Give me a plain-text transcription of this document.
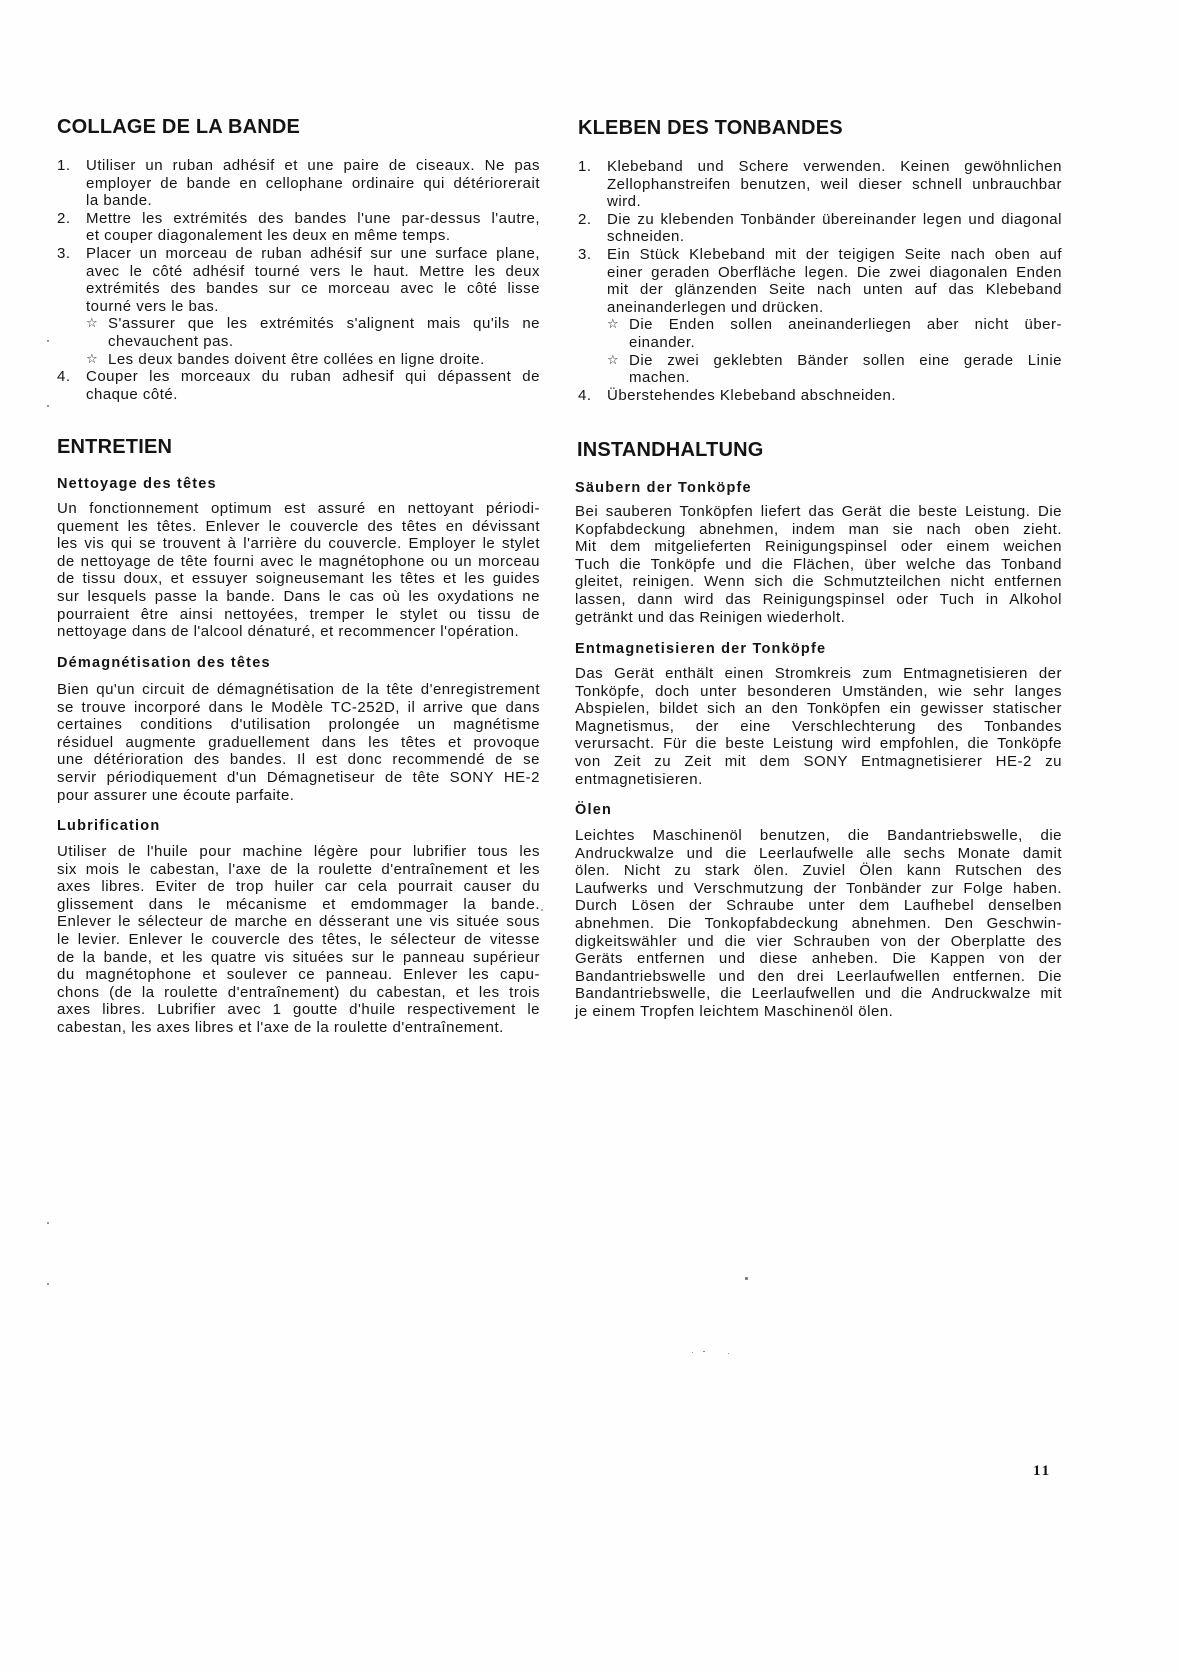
COLLAGE DE LA BANDE
1.	Utiliser un ruban adhésif et une paire de ciseaux. Ne pas
employer de bande en cellophane ordinaire qui détériorerait
la bande.
2.	Mettre les extrémités des bandes l'une par-dessus l'autre,
et couper diagonalement les deux en même temps.
3.	Placer un morceau de ruban adhésif sur une surface plane,
avec le côté adhésif tourné vers le haut. Mettre les deux
extrémités des bandes sur ce morceau avec le côté lisse
tourné vers le bas.
☆ S'assurer que les extrémités s'alignent mais qu'ils ne
chevauchent pas.
☆ Les deux bandes doivent être collées en ligne droite.
4.	Couper les morceaux du ruban adhesif qui dépassent de
chaque côté.
ENTRETIEN
Nettoyage des têtes
Un fonctionnement optimum est assuré en nettoyant périodi-
quement les têtes. Enlever le couvercle des têtes en dévissant
les vis qui se trouvent à l'arrière du couvercle. Employer le stylet
de nettoyage de tête fourni avec le magnétophone ou un morceau
de tissu doux, et essuyer soigneusemant les têtes et les guides
sur lesquels passe la bande. Dans le cas où les oxydations ne
pourraient être ainsi nettoyées, tremper le stylet ou tissu de
nettoyage dans de l'alcool dénaturé, et recommencer l'opération.
Démagnétisation des têtes
Bien qu'un circuit de démagnétisation de la tête d'enregistrement
se trouve incorporé dans le Modèle TC-252D, il arrive que dans
certaines conditions d'utilisation prolongée un magnétisme
résiduel augmente graduellement dans les têtes et provoque
une détérioration des bandes. Il est donc recommendé de se
servir périodiquement d'un Démagnetiseur de tête SONY HE-2
pour assurer une écoute parfaite.
Lubrification
Utiliser de l'huile pour machine légère pour lubrifier tous les
six mois le cabestan, l'axe de la roulette d'entraînement et les
axes libres. Eviter de trop huiler car cela pourrait causer du
glissement dans le mécanisme et emdommager la bande.
Enlever le sélecteur de marche en désserant une vis située sous
le levier. Enlever le couvercle des têtes, le sélecteur de vitesse
de la bande, et les quatre vis situées sur le panneau supérieur
du magnétophone et soulever ce panneau. Enlever les capu-
chons (de la roulette d'entraînement) du cabestan, et les trois
axes libres. Lubrifier avec 1 goutte d'huile respectivement le
cabestan, les axes libres et l'axe de la roulette d'entraînement.
KLEBEN DES TONBANDES
1.	Klebeband und Schere verwenden. Keinen gewöhnlichen
Zellophanstreifen benutzen, weil dieser schnell unbrauchbar
wird.
2.	Die zu klebenden Tonbänder übereinander legen und diagonal
schneiden.
3.	Ein Stück Klebeband mit der teigigen Seite nach oben auf
einer geraden Oberfläche legen. Die zwei diagonalen Enden
mit der glänzenden Seite nach unten auf das Klebeband
aneinanderlegen und drücken.
☆ Die Enden sollen aneinanderliegen aber nicht über-
einander.
☆ Die zwei geklebten Bänder sollen eine gerade Linie
machen.
4.	Überstehendes Klebeband abschneiden.
INSTANDHALTUNG
Säubern der Tonköpfe
Bei sauberen Tonköpfen liefert das Gerät die beste Leistung. Die
Kopfabdeckung abnehmen, indem man sie nach oben zieht.
Mit dem mitgelieferten Reinigungspinsel oder einem weichen
Tuch die Tonköpfe und die Flächen, über welche das Tonband
gleitet, reinigen. Wenn sich die Schmutzteilchen nicht entfernen
lassen, dann wird das Reinigungspinsel oder Tuch in Alkohol
getränkt und das Reinigen wiederholt.
Entmagnetisieren der Tonköpfe
Das Gerät enthält einen Stromkreis zum Entmagnetisieren der
Tonköpfe, doch unter besonderen Umständen, wie sehr langes
Abspielen, bildet sich an den Tonköpfen ein gewisser statischer
Magnetismus, der eine Verschlechterung des Tonbandes
verursacht. Für die beste Leistung wird empfohlen, die Tonköpfe
von Zeit zu Zeit mit dem SONY Entmagnetisierer HE-2 zu
entmagnetisieren.
Ölen
Leichtes Maschinenöl benutzen, die Bandantriebswelle, die
Andruckwalze und die Leerlaufwelle alle sechs Monate damit
ölen. Nicht zu stark ölen. Zuviel Ölen kann Rutschen des
Laufwerks und Verschmutzung der Tonbänder zur Folge haben.
Durch Lösen der Schraube unter dem Laufhebel denselben
abnehmen. Die Tonkopfabdeckung abnehmen. Den Geschwin-
digkeitswähler und die vier Schrauben von der Oberplatte des
Geräts entfernen und diese anheben. Die Kappen von der
Bandantriebswelle und den drei Leerlaufwellen entfernen. Die
Bandantriebswelle, die Leerlaufwellen und die Andruckwalze mit
je einem Tropfen leichtem Maschinenöl ölen.
11
